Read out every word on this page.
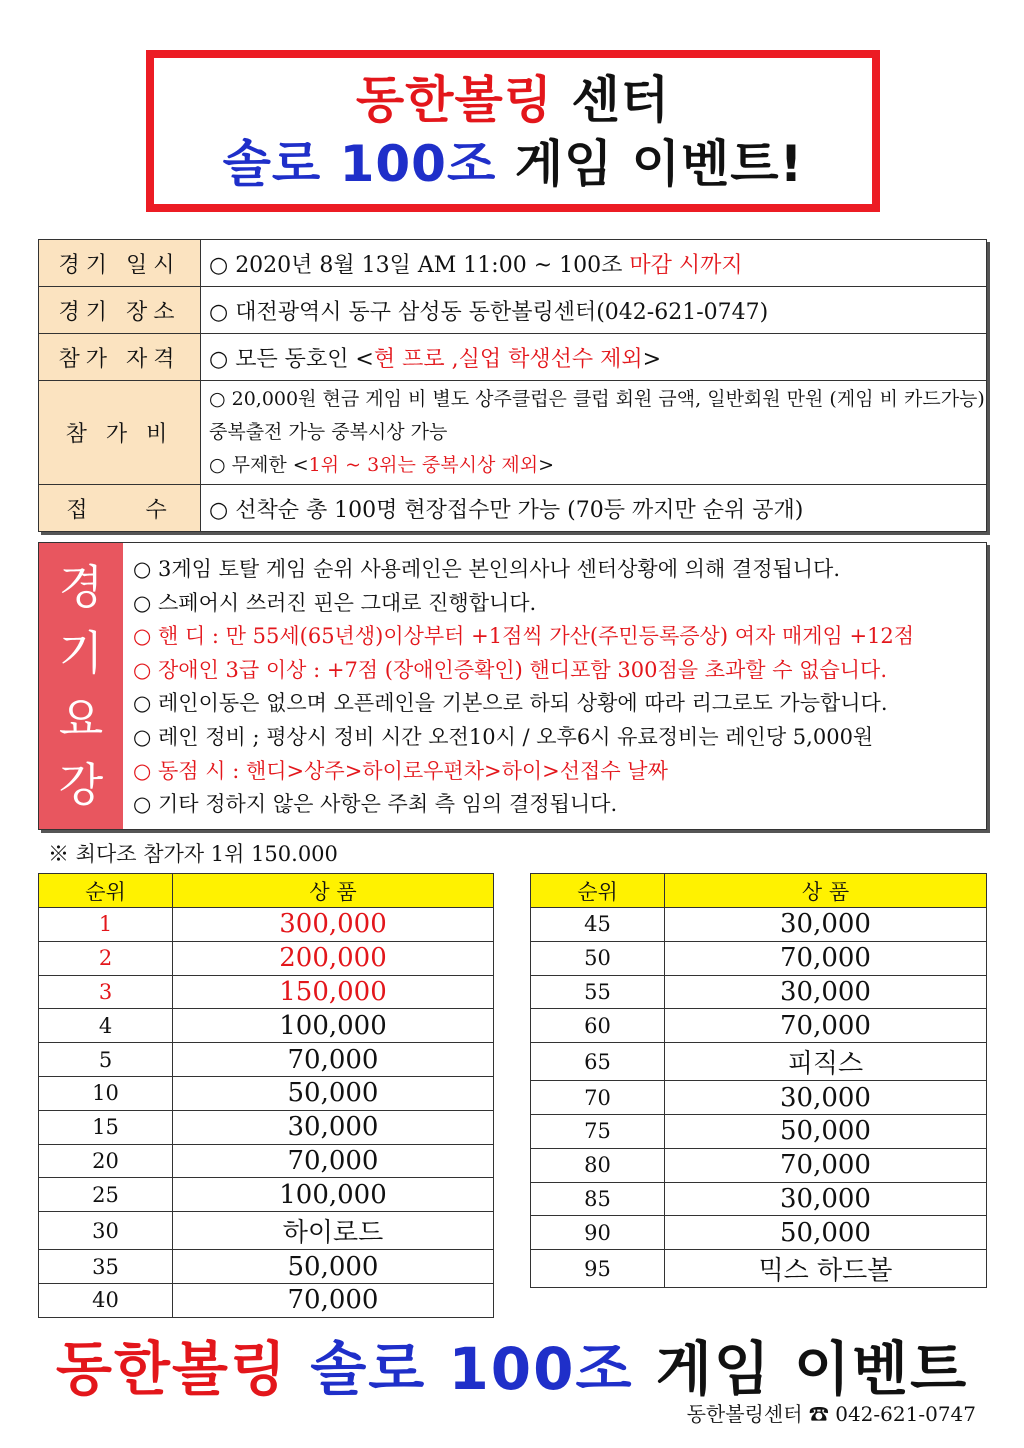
동한볼링 센터
솔로 100조 게임 이벤트!
경기 일시	○ 2020년 8월 13일 AM 11:00 ~ 100조 마감 시까지
경기 장소	○ 대전광역시 동구 삼성동 동한볼링센터(042-621-0747)
참가 자격	○ 모든 동호인 <현 프로 ,실업 학생선수 제외>
참 가 비	○ 20,000원 현금 게임 비 별도 상주클럽은 클럽 회원 금액, 일반회원 만원 (게임 비 카드가능)중복출전 가능 중복시상 가능
○ 무제한 <1위 ~ 3위는 중복시상 제외>

접    수	○ 선착순 총 100명 현장접수만 가능 (70등 까지만 순위 공개)
경
기
요
강
○ 3게임 토탈 게임 순위 사용레인은 본인의사나 센터상황에 의해 결정됩니다.
○ 스페어시 쓰러진 핀은 그대로 진행합니다.
○ 핸 디 : 만 55세(65년생)이상부터 +1점씩 가산(주민등록증상) 여자 매게임 +12점
○ 장애인 3급 이상 : +7점 (장애인증확인) 핸디포함 300점을 초과할 수 없습니다.
○ 레인이동은 없으며 오픈레인을 기본으로 하되 상황에 따라 리그로도 가능합니다.
○ 레인 정비 ; 평상시 정비 시간 오전10시 / 오후6시 유료정비는 레인당 5,000원
○ 동점 시 : 핸디>상주>하이로우편차>하이>선접수 날짜
○ 기타 정하지 않은 사항은 주최 측 임의 결정됩니다.
※ 최다조 참가자 1위 150.000
순위	상 품
1	300,000
2	200,000
3	150,000
4	100,000
5	70,000
10	50,000
15	30,000
20	70,000
25	100,000
30	하이로드
35	50,000
40	70,000
순위	상 품
45	30,000
50	70,000
55	30,000
60	70,000
65	피직스
70	30,000
75	50,000
80	70,000
85	30,000
90	50,000
95	믹스 하드볼
동한볼링 솔로 100조 게임 이벤트
동한볼링센터 ☎ 042-621-0747
